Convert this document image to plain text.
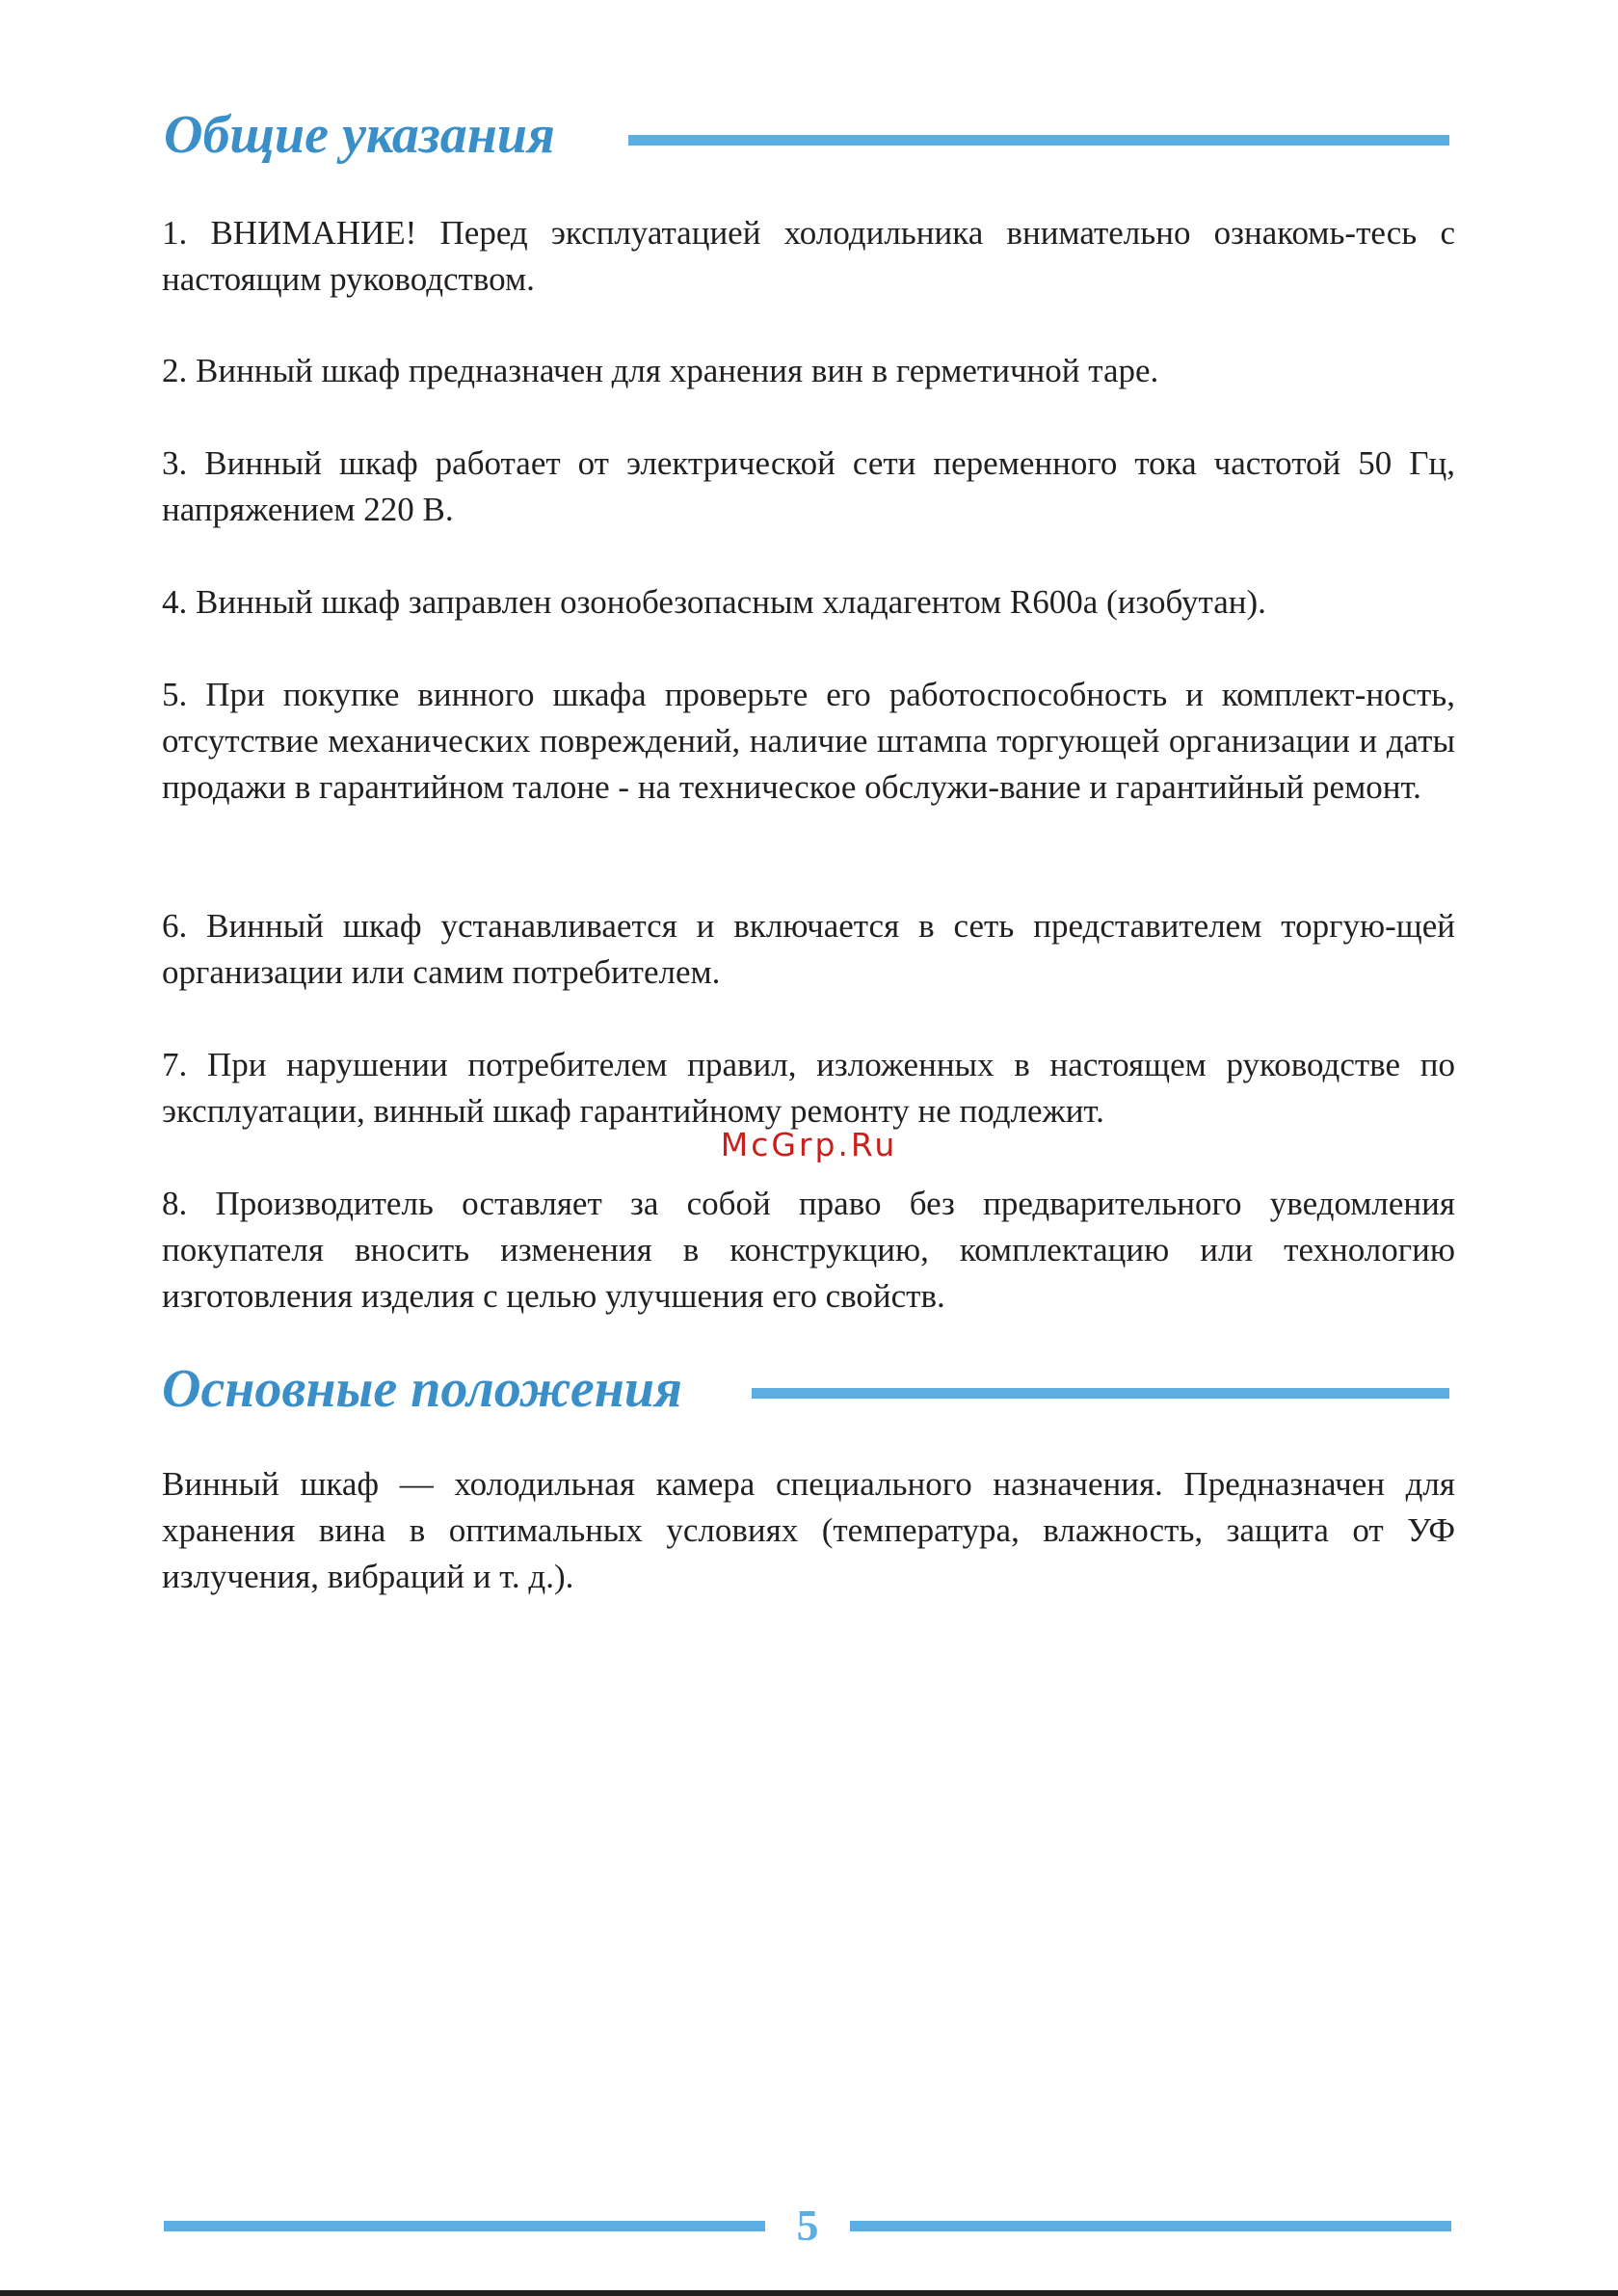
Общие указания

1. ВНИМАНИЕ! Перед эксплуатацией холодильника внимательно ознакомь-тесь с настоящим руководством.

2. Винный шкаф предназначен для хранения вин в герметичной таре.

3. Винный шкаф работает от электрической сети переменного тока частотой 50 Гц, напряжением 220 В.

4. Винный шкаф заправлен озонобезопасным хладагентом R600a (изобутан).

5. При покупке винного шкафа проверьте его работоспособность и комплект-ность, отсутствие механических повреждений, наличие штампа торгующей организации и даты продажи в гарантийном талоне - на техническое обслужи-вание и гарантийный ремонт.

6. Винный шкаф устанавливается и включается в сеть представителем торгую-щей организации или самим потребителем.

7. При нарушении потребителем правил, изложенных в настоящем руководстве по эксплуатации, винный шкаф гарантийному ремонту не подлежит.

McGrp.Ru

8. Производитель оставляет за собой право без предварительного уведомления покупателя вносить изменения в конструкцию, комплектацию или технологию изготовления изделия с целью улучшения его свойств.

Основные положения

Винный шкаф — холодильная камера специального назначения. Предназначен для хранения вина в оптимальных условиях (температура, влажность, защита от УФ излучения, вибраций и т. д.).

5
